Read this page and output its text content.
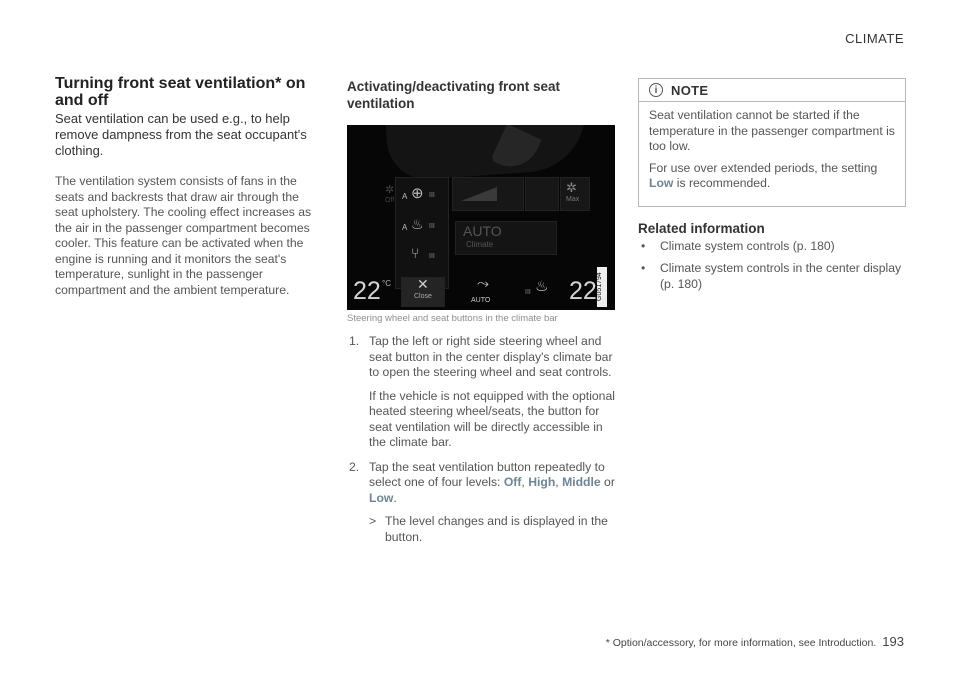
CLIMATE
Turning front seat ventilation* on and off

Seat ventilation can be used e.g., to help remove dampness from the seat occupant's clothing.

The ventilation system consists of fans in the seats and backrests that draw air through the seat upholstery. The cooling effect increases as the air in the passenger compartment becomes cooler. This feature can be activated when the engine is running and it monitors the seat's temperature, sunlight in the passenger compartment and the ambient temperature.

Activating/deactivating front seat ventilation
✲
Off A ⊕ III
A ♨ III
⑂ III
✲
Max
AUTO
Climate
22 °C ✕
Close
⤳
AUTO
III ♨ 22 G051794
Steering wheel and seat buttons in the climate bar
1. Tap the left or right side steering wheel and seat button in the center display's climate bar to open the steering wheel and seat controls.

If the vehicle is not equipped with the optional heated steering wheel/seats, the button for seat ventilation will be directly accessible in the climate bar.

2. Tap the seat ventilation button repeatedly to select one of four levels: Off, High, Middle or Low.

> The level changes and is displayed in the button.
i	NOTE

Seat ventilation cannot be started if the temperature in the passenger compartment is too low.

For use over extended periods, the setting Low is recommended.

Related information
• Climate system controls (p. 180)
• Climate system controls in the center display (p. 180)
* Option/accessory, for more information, see Introduction. 193
